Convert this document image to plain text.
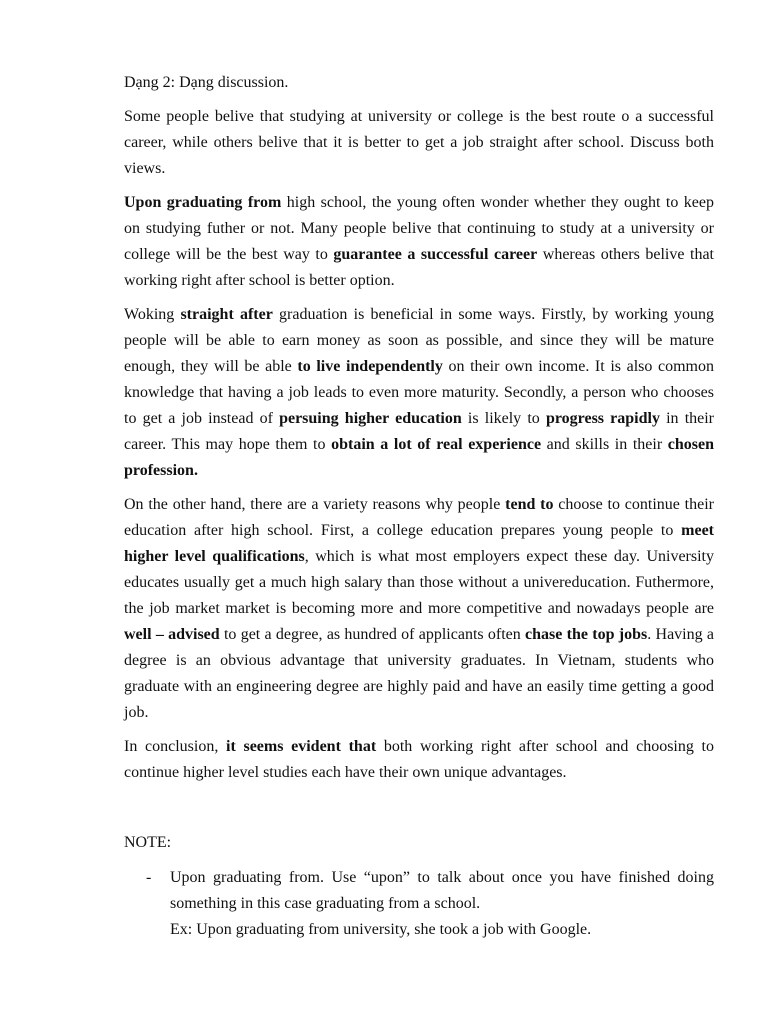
Dạng 2: Dạng discussion.

Some people belive that studying at university or college is the best route o a successful career, while others belive that it is better to get a job straight after school. Discuss both views.

Upon graduating from high school, the young often wonder whether they ought to keep on studying futher or not. Many people belive that continuing to study at a university or college will be the best way to guarantee a successful career whereas others belive that working right after school is better option.

Woking straight after graduation is beneficial in some ways. Firstly, by working young people will be able to earn money as soon as possible, and since they will be mature enough, they will be able to live independently on their own income. It is also common knowledge that having a job leads to even more maturity. Secondly, a person who chooses to get a job instead of persuing higher education is likely to progress rapidly in their career. This may hope them to obtain a lot of real experience and skills in their chosen profession.

On the other hand, there are a variety reasons why people tend to choose to continue their education after high school. First, a college education prepares young people to meet higher level qualifications, which is what most employers expect these day. University educates usually get a much high salary than those without a univereducation. Futhermore, the job market market is becoming more and more competitive and nowadays people are well – advised to get a degree, as hundred of applicants often chase the top jobs. Having a degree is an obvious advantage that university graduates. In Vietnam, students who graduate with an engineering degree are highly paid and have an easily time getting a good job.

In conclusion, it seems evident that both working right after school and choosing to continue higher level studies each have their own unique advantages.

NOTE:

- Upon graduating from. Use “upon” to talk about once you have finished doing something in this case graduating from a school.

Ex: Upon graduating from university, she took a job with Google.
